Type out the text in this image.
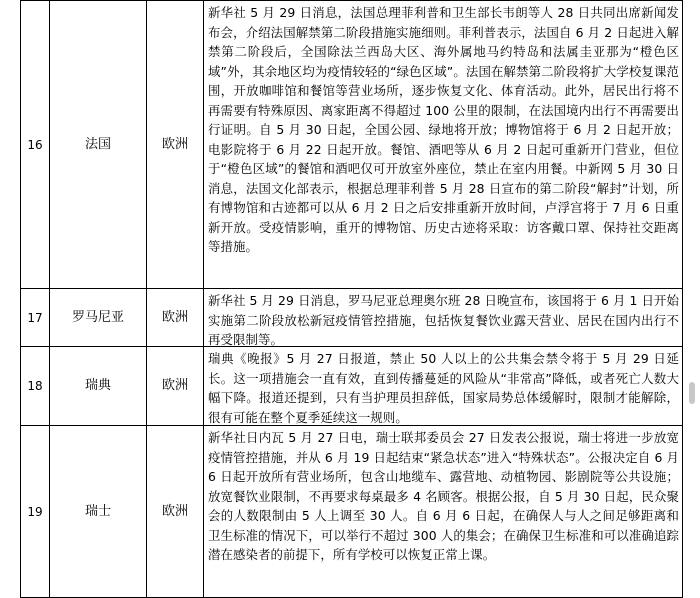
16	法国	欧洲
新华社 5 月 29 日消息，法国总理菲利普和卫生部长韦朗等人 28 日共同出席新闻发布会，介绍法国解禁第二阶段措施实施细则。菲利普表示，法国自 6 月 2 日起进入解禁第二阶段后，全国除法兰西岛大区、海外属地马约特岛和法属圭亚那为“橙色区域”外，其余地区均为疫情较轻的“绿色区域”。法国在解禁第二阶段将扩大学校复课范围，开放咖啡馆和餐馆等营业场所，逐步恢复文化、体育活动。此外，居民出行将不再需要有特殊原因、离家距离不得超过 100 公里的限制，在法国境内出行不再需要出行证明。自 5 月 30 日起，全国公园、绿地将开放；博物馆将于 6 月 2 日起开放；电影院将于 6 月 22 日起开放。餐馆、酒吧等从 6 月 2 日起可重新开门营业，但位于“橙色区域”的餐馆和酒吧仅可开放室外座位，禁止在室内用餐。中新网 5 月 30 日消息，法国文化部表示，根据总理菲利普 5 月 28 日宣布的第二阶段“解封”计划，所有博物馆和古迹都可以从 6 月 2 日之后安排重新开放时间，卢浮宫将于 7 月 6 日重新开放。受疫情影响，重开的博物馆、历史古迹将采取：访客戴口罩、保持社交距离等措施。
17	罗马尼亚	欧洲
新华社 5 月 29 日消息，罗马尼亚总理奥尔班 28 日晚宣布，该国将于 6 月 1 日开始实施第二阶段放松新冠疫情管控措施，包括恢复餐饮业露天营业、居民在国内出行不再受限制等。
18	瑞典	欧洲
瑞典《晚报》5 月 27 日报道，禁止 50 人以上的公共集会禁令将于 5 月 29 日延长。这一项措施会一直有效，直到传播蔓延的风险从“非常高”降低，或者死亡人数大幅下降。报道还提到，只有当护理员担辞低，国家局势总体缓解时，限制才能解除，很有可能在整个夏季延续这一规则。
19	瑞士	欧洲
新华社日内瓦 5 月 27 日电，瑞士联邦委员会 27 日发表公报说，瑞士将进一步放宽疫情管控措施，并从 6 月 19 日起结束“紧急状态”进入“特殊状态”。公报决定自 6 月 6 日起开放所有营业场所，包含山地缆车、露营地、动植物园、影剧院等公共设施；放宽餐饮业限制，不再要求每桌最多 4 名顾客。根据公报，自 5 月 30 日起，民众聚会的人数限制由 5 人上调至 30 人。自 6 月 6 日起，在确保人与人之间足够距离和卫生标准的情况下，可以举行不超过 300 人的集会；在确保卫生标准和可以准确追踪潜在感染者的前提下，所有学校可以恢复正常上课。
